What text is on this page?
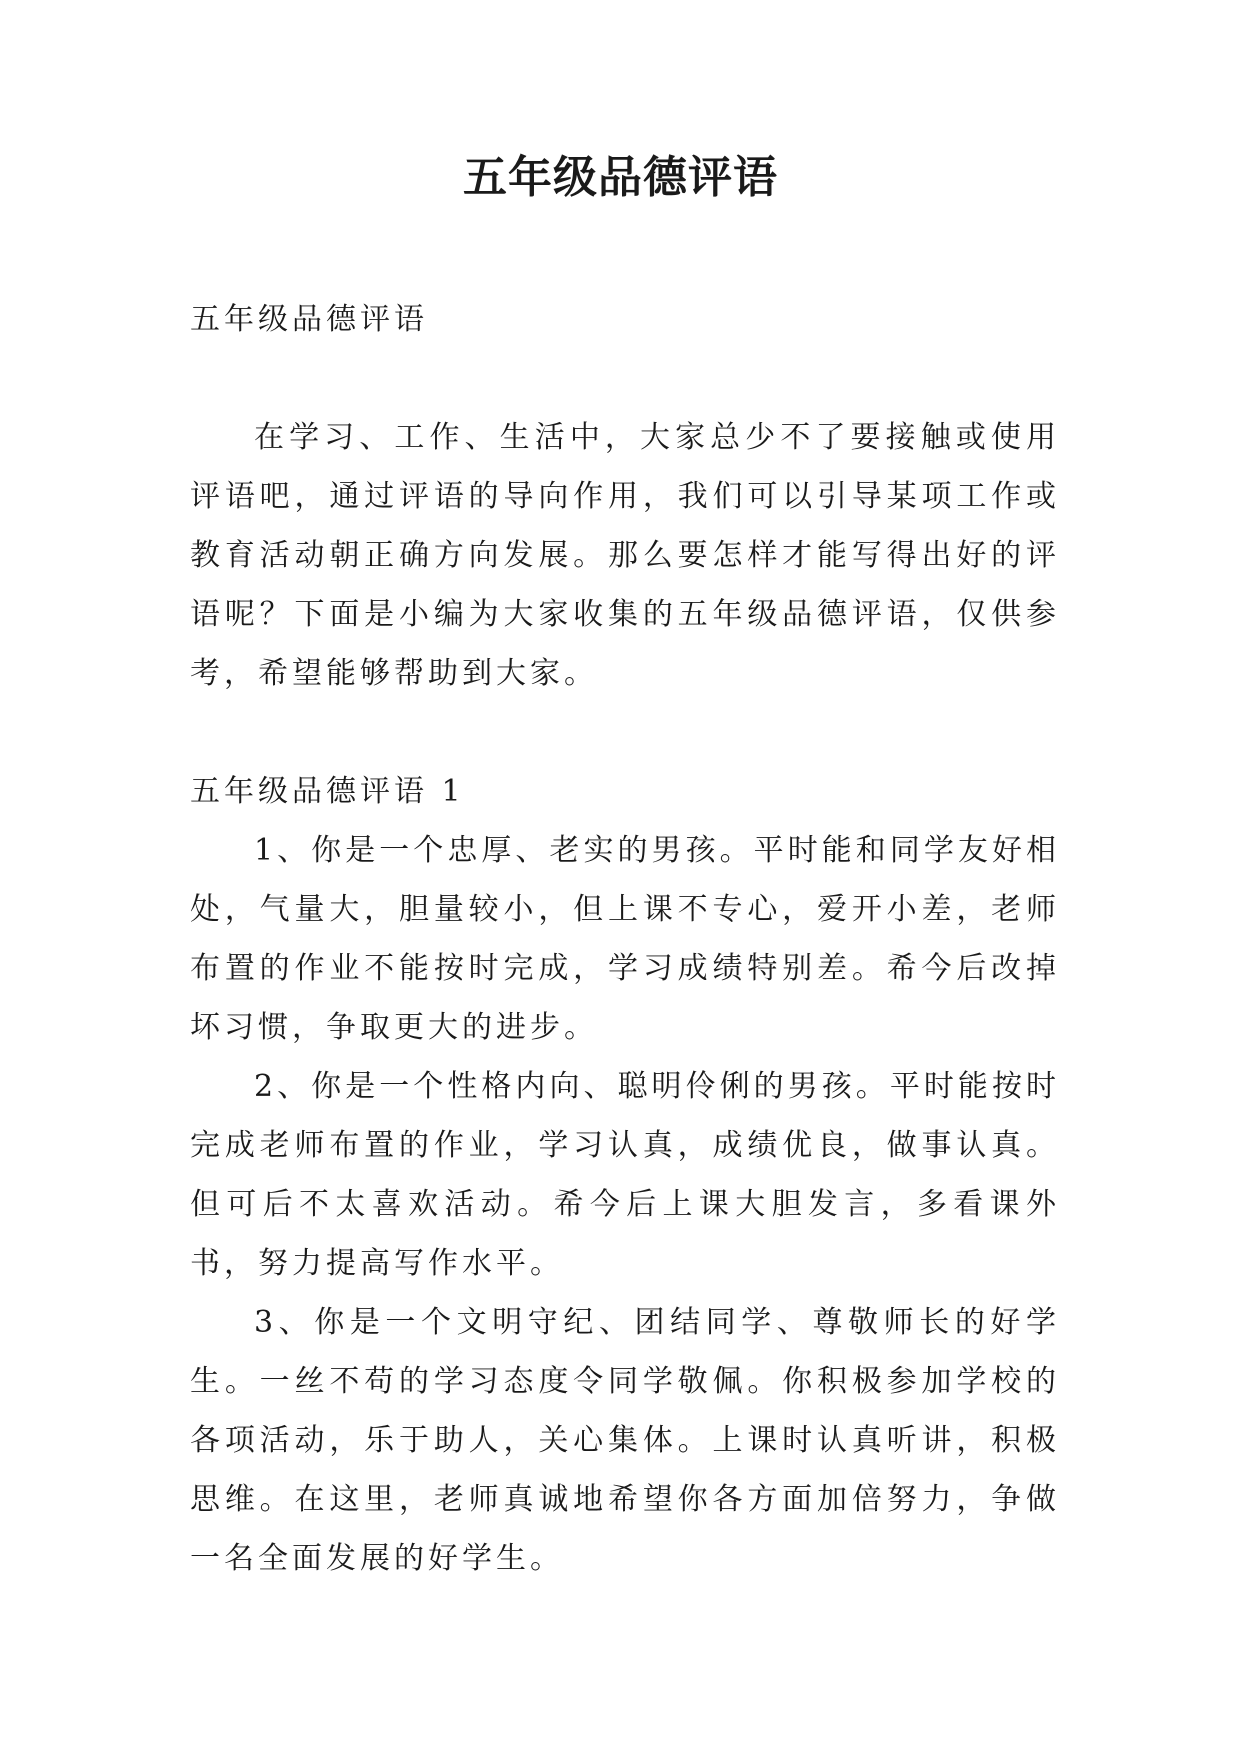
五年级品德评语

五年级品德评语

在学习、工作、生活中，大家总少不了要接触或使用评语吧，通过评语的导向作用，我们可以引导某项工作或教育活动朝正确方向发展。那么要怎样才能写得出好的评语呢？下面是小编为大家收集的五年级品德评语，仅供参考，希望能够帮助到大家。

五年级品德评语 1

1、你是一个忠厚、老实的男孩。平时能和同学友好相处，气量大，胆量较小，但上课不专心，爱开小差，老师布置的作业不能按时完成，学习成绩特别差。希今后改掉坏习惯，争取更大的进步。

2、你是一个性格内向、聪明伶俐的男孩。平时能按时完成老师布置的作业，学习认真，成绩优良，做事认真。但可后不太喜欢活动。希今后上课大胆发言，多看课外书，努力提高写作水平。

3、你是一个文明守纪、团结同学、尊敬师长的好学生。一丝不苟的学习态度令同学敬佩。你积极参加学校的各项活动，乐于助人，关心集体。上课时认真听讲，积极思维。在这里，老师真诚地希望你各方面加倍努力，争做一名全面发展的好学生。
